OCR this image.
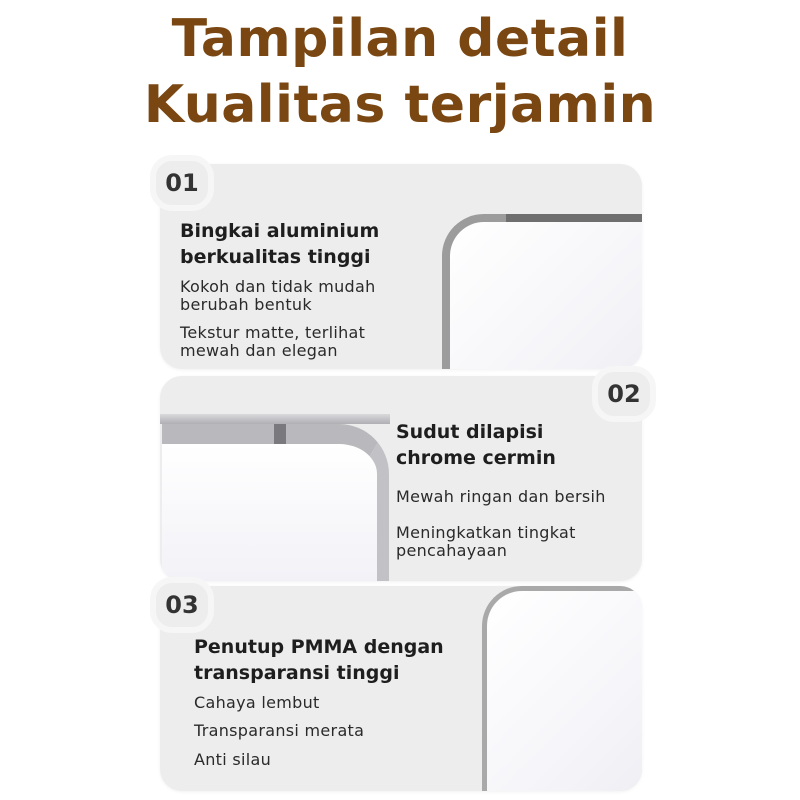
Tampilan detail
Kualitas terjamin
01
Bingkai aluminium
berkualitas tinggi
Kokoh dan tidak mudah
berubah bentuk
Tekstur matte, terlihat
mewah dan elegan
02
Sudut dilapisi
chrome cermin
Mewah ringan dan bersih
Meningkatkan tingkat
pencahayaan
03
Penutup PMMA dengan
transparansi tinggi
Cahaya lembut
Transparansi merata
Anti silau
